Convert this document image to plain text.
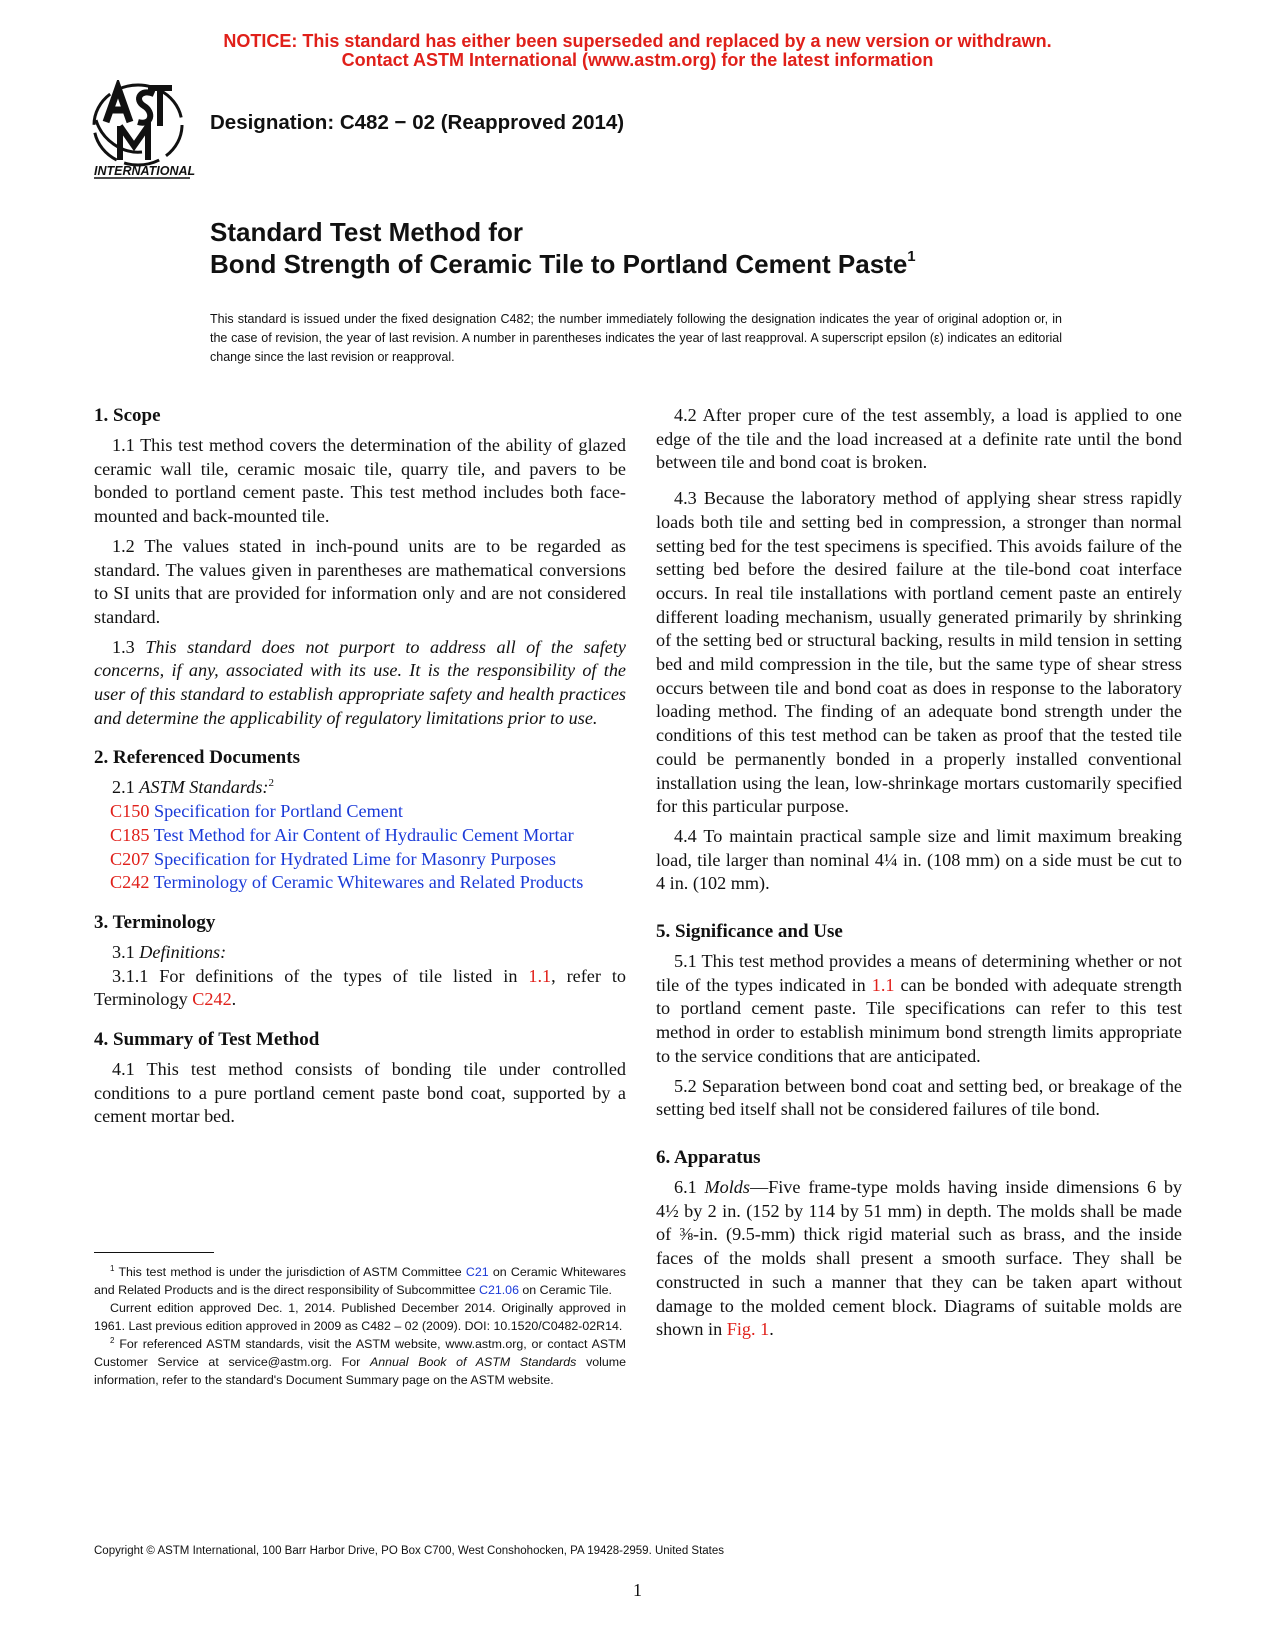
NOTICE: This standard has either been superseded and replaced by a new version or withdrawn.
Contact ASTM International (www.astm.org) for the latest information
INTERNATIONAL
Designation: C482 − 02 (Reapproved 2014)
Standard Test Method for
Bond Strength of Ceramic Tile to Portland Cement Paste$^1$
This standard is issued under the fixed designation C482; the number immediately following the designation indicates the year of original adoption or, in the case of revision, the year of last revision. A number in parentheses indicates the year of last reapproval. A superscript epsilon (ε) indicates an editorial change since the last revision or reapproval.
1. Scope

1.1 This test method covers the determination of the ability of glazed ceramic wall tile, ceramic mosaic tile, quarry tile, and pavers to be bonded to portland cement paste. This test method includes both face-mounted and back-mounted tile.

1.2 The values stated in inch-pound units are to be regarded as standard. The values given in parentheses are mathematical conversions to SI units that are provided for information only and are not considered standard.

1.3 This standard does not purport to address all of the safety concerns, if any, associated with its use. It is the responsibility of the user of this standard to establish appropriate safety and health practices and determine the applicability of regulatory limitations prior to use.

2. Referenced Documents

2.1 ASTM Standards:$^2$

C150 Specification for Portland Cement

C185 Test Method for Air Content of Hydraulic Cement Mortar

C207 Specification for Hydrated Lime for Masonry Purposes

C242 Terminology of Ceramic Whitewares and Related Products

3. Terminology

3.1 Definitions:

3.1.1 For definitions of the types of tile listed in 1.1, refer to Terminology C242.

4. Summary of Test Method

4.1 This test method consists of bonding tile under controlled conditions to a pure portland cement paste bond coat, supported by a cement mortar bed.

4.2 After proper cure of the test assembly, a load is applied to one edge of the tile and the load increased at a definite rate until the bond between tile and bond coat is broken.

4.3 Because the laboratory method of applying shear stress rapidly loads both tile and setting bed in compression, a stronger than normal setting bed for the test specimens is specified. This avoids failure of the setting bed before the desired failure at the tile-bond coat interface occurs. In real tile installations with portland cement paste an entirely different loading mechanism, usually generated primarily by shrinking of the setting bed or structural backing, results in mild tension in setting bed and mild compression in the tile, but the same type of shear stress occurs between tile and bond coat as does in response to the laboratory loading method. The finding of an adequate bond strength under the conditions of this test method can be taken as proof that the tested tile could be permanently bonded in a properly installed conventional installation using the lean, low-shrinkage mortars customarily specified for this particular purpose.

4.4 To maintain practical sample size and limit maximum breaking load, tile larger than nominal 4¼ in. (108 mm) on a side must be cut to 4 in. (102 mm).

5. Significance and Use

5.1 This test method provides a means of determining whether or not tile of the types indicated in 1.1 can be bonded with adequate strength to portland cement paste. Tile specifications can refer to this test method in order to establish minimum bond strength limits appropriate to the service conditions that are anticipated.

5.2 Separation between bond coat and setting bed, or breakage of the setting bed itself shall not be considered failures of tile bond.

6. Apparatus

6.1 Molds—Five frame-type molds having inside dimensions 6 by 4½ by 2 in. (152 by 114 by 51 mm) in depth. The molds shall be made of ⅜-in. (9.5-mm) thick rigid material such as brass, and the inside faces of the molds shall present a smooth surface. They shall be constructed in such a manner that they can be taken apart without damage to the molded cement block. Diagrams of suitable molds are shown in Fig. 1.

$^1$ This test method is under the jurisdiction of ASTM Committee C21 on Ceramic Whitewares and Related Products and is the direct responsibility of Subcommittee C21.06 on Ceramic Tile.

Current edition approved Dec. 1, 2014. Published December 2014. Originally approved in 1961. Last previous edition approved in 2009 as C482 – 02 (2009). DOI: 10.1520/C0482-02R14.

$^2$ For referenced ASTM standards, visit the ASTM website, www.astm.org, or contact ASTM Customer Service at service@astm.org. For Annual Book of ASTM Standards volume information, refer to the standard's Document Summary page on the ASTM website.

Copyright © ASTM International, 100 Barr Harbor Drive, PO Box C700, West Conshohocken, PA 19428-2959. United States
1
